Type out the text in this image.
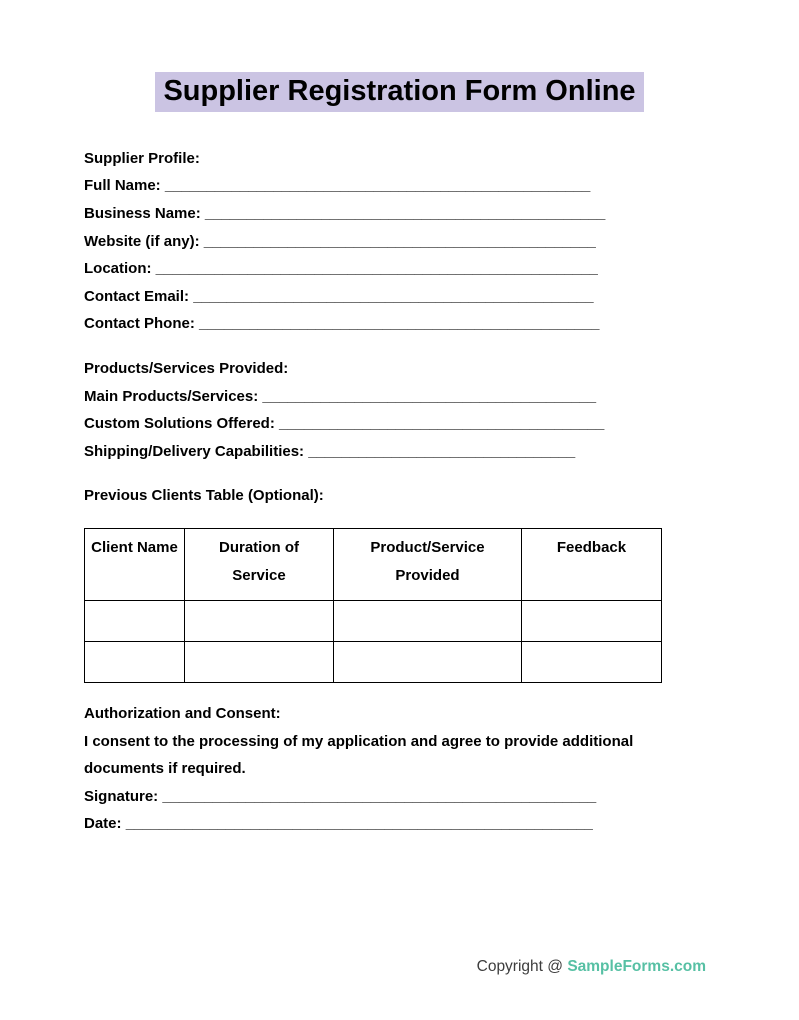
Supplier Registration Form Online

Supplier Profile:

Full Name: ___________________________________________________

Business Name: ________________________________________________

Website (if any): _______________________________________________

Location: _____________________________________________________

Contact Email: ________________________________________________

Contact Phone: ________________________________________________

Products/Services Provided:

Main Products/Services: ________________________________________

Custom Solutions Offered: _______________________________________

Shipping/Delivery Capabilities: ________________________________

Previous Clients Table (Optional):

Client Name	Duration of Service	Product/Service Provided	Feedback

Authorization and Consent:

I consent to the processing of my application and agree to provide additional documents if required.

Signature: ____________________________________________________

Date: ________________________________________________________

Copyright @ SampleForms.com
